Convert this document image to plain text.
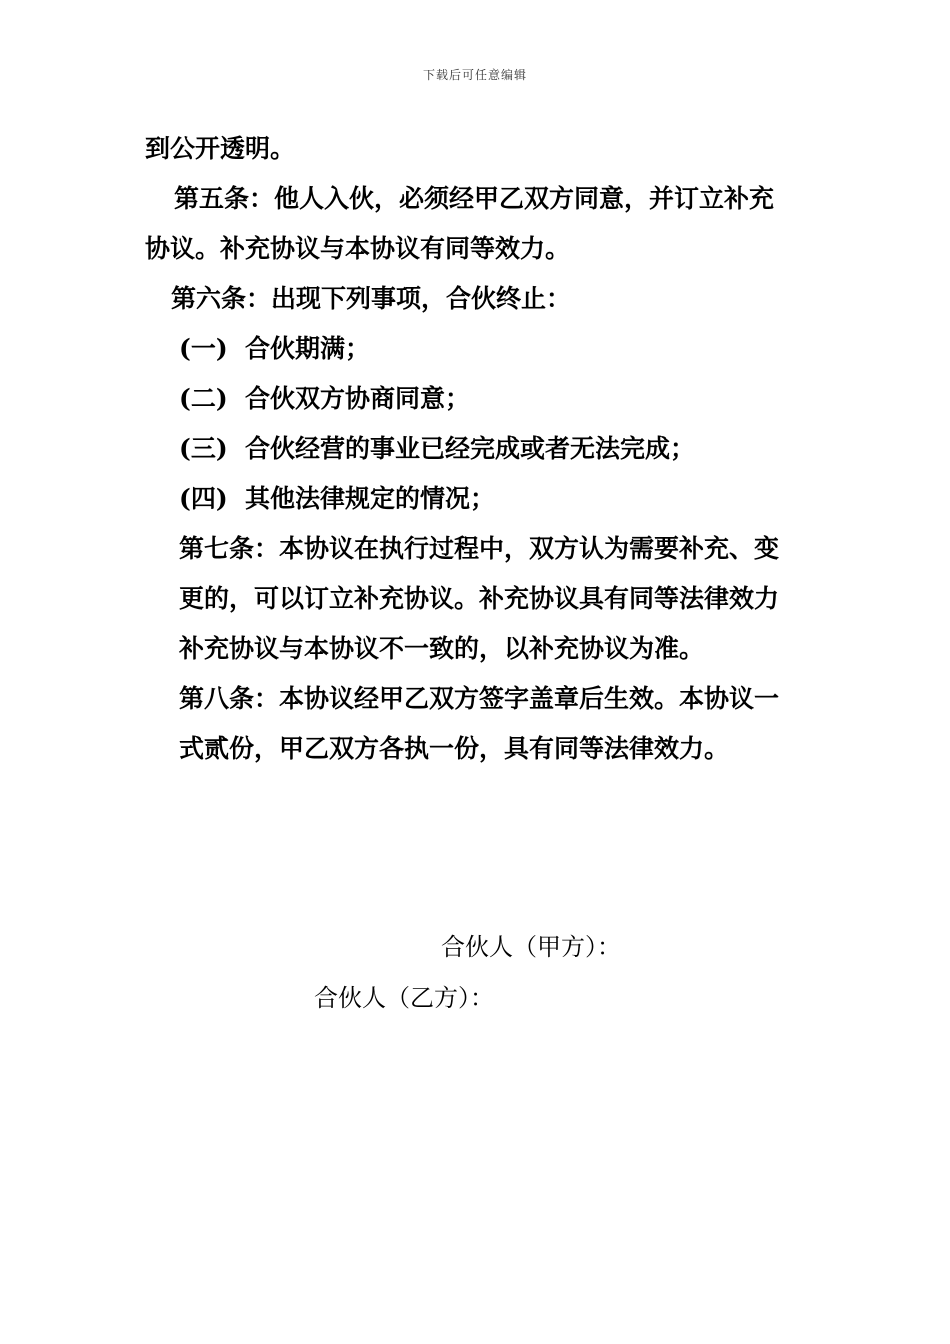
下载后可任意编辑
到公开透明。
第五条：他人入伙，必须经甲乙双方同意，并订立补充
协议。补充协议与本协议有同等效力。
第六条：出现下列事项，合伙终止：
(一) 合伙期满；
(二) 合伙双方协商同意；
(三) 合伙经营的事业已经完成或者无法完成；
(四) 其他法律规定的情况；
第七条：本协议在执行过程中，双方认为需要补充、变
更的，可以订立补充协议。补充协议具有同等法律效力
补充协议与本协议不一致的，以补充协议为准。
第八条：本协议经甲乙双方签字盖章后生效。本协议一
式贰份，甲乙双方各执一份，具有同等法律效力。
合伙人（甲方）：
合伙人（乙方）：
